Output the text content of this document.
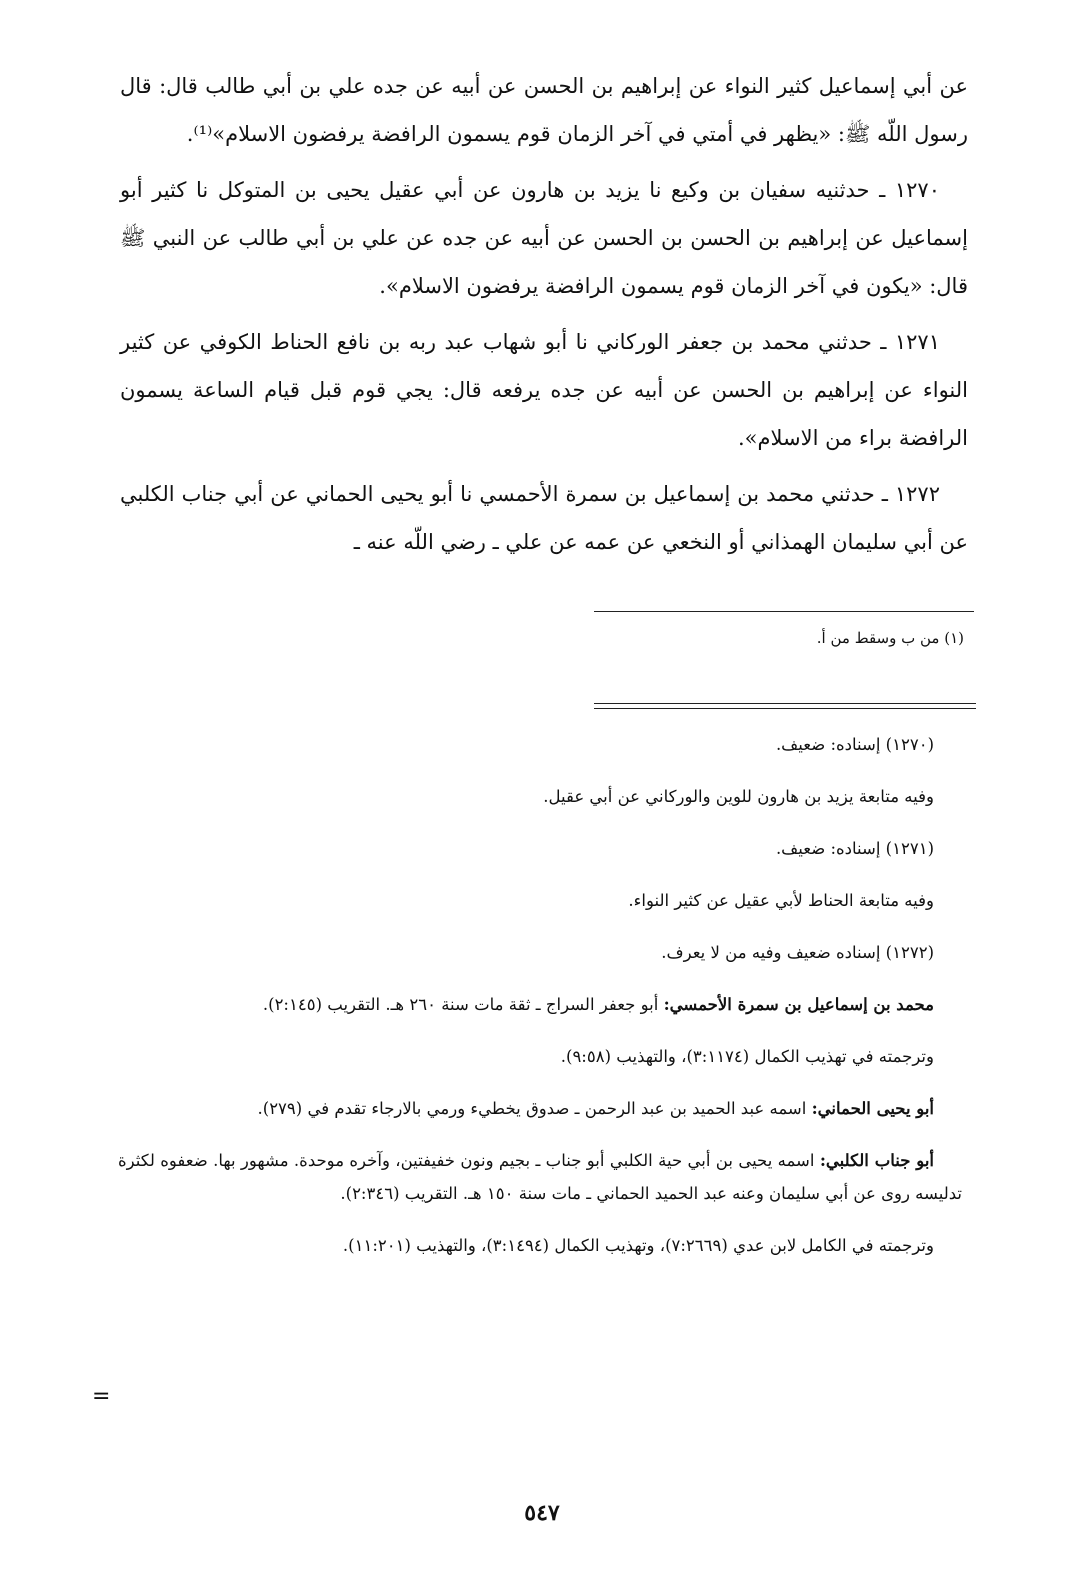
عن أبي إسماعيل كثير النواء عن إبراهيم بن الحسن عن أبيه عن جده علي بن أبي طالب قال: قال رسول اللّه ﷺ: «يظهر في أمتي في آخر الزمان قوم يسمون الرافضة يرفضون الاسلام»⁽¹⁾.

١٢٧٠ ـ حدثنيه سفيان بن وكيع نا يزيد بن هارون عن أبي عقيل يحيى بن المتوكل نا كثير أبو إسماعيل عن إبراهيم بن الحسن بن الحسن عن أبيه عن جده عن علي بن أبي طالب عن النبي ﷺ قال: «يكون في آخر الزمان قوم يسمون الرافضة يرفضون الاسلام».

١٢٧١ ـ حدثني محمد بن جعفر الوركاني نا أبو شهاب عبد ربه بن نافع الحناط الكوفي عن كثير النواء عن إبراهيم بن الحسن عن أبيه عن جده يرفعه قال: يجي قوم قبل قيام الساعة يسمون الرافضة براء من الاسلام».

١٢٧٢ ـ حدثني محمد بن إسماعيل بن سمرة الأحمسي نا أبو يحيى الحماني عن أبي جناب الكلبي عن أبي سليمان الهمذاني أو النخعي عن عمه عن علي ـ رضي اللّه عنه ـ

(١) من ب وسقط من أ.

(١٢٧٠) إسناده: ضعيف.

وفيه متابعة يزيد بن هارون للوين والوركاني عن أبي عقيل.

(١٢٧١) إسناده: ضعيف.

وفيه متابعة الحناط لأبي عقيل عن كثير النواء.

(١٢٧٢) إسناده ضعيف وفيه من لا يعرف.

محمد بن إسماعيل بن سمرة الأحمسي: أبو جعفر السراج ـ ثقة مات سنة ٢٦٠ هـ. التقريب (٢:١٤٥).

وترجمته في تهذيب الكمال (٣:١١٧٤)، والتهذيب (٩:٥٨).

أبو يحيى الحماني: اسمه عبد الحميد بن عبد الرحمن ـ صدوق يخطيء ورمي بالارجاء تقدم في (٢٧٩).

أبو جناب الكلبي: اسمه يحيى بن أبي حية الكلبي أبو جناب ـ بجيم ونون خفيفتين، وآخره موحدة. مشهور بها. ضعفوه لكثرة تدليسه روى عن أبي سليمان وعنه عبد الحميد الحماني ـ مات سنة ١٥٠ هـ. التقريب (٢:٣٤٦).

وترجمته في الكامل لابن عدي (٧:٢٦٦٩)، وتهذيب الكمال (٣:١٤٩٤)، والتهذيب (١١:٢٠١).

=
٥٤٧
